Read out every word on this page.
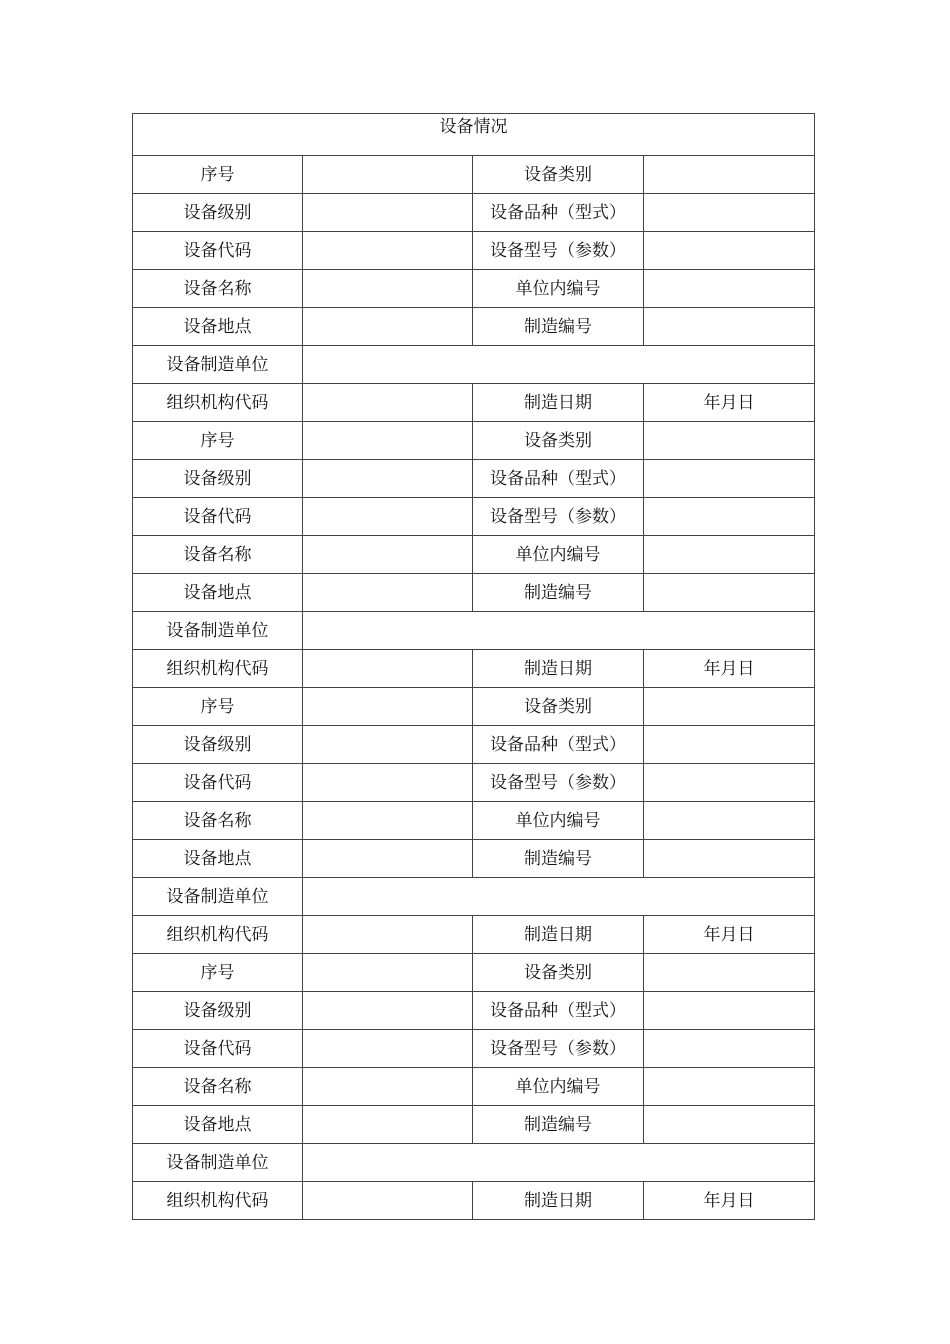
设备情况			
序号		设备类别	
设备级别		设备品种（型式）	
设备代码		设备型号（参数）	
设备名称		单位内编号	
设备地点		制造编号	
设备制造单位			
组织机构代码		制造日期	年月日
序号		设备类别	
设备级别		设备品种（型式）	
设备代码		设备型号（参数）	
设备名称		单位内编号	
设备地点		制造编号	
设备制造单位			
组织机构代码		制造日期	年月日
序号		设备类别	
设备级别		设备品种（型式）	
设备代码		设备型号（参数）	
设备名称		单位内编号	
设备地点		制造编号	
设备制造单位			
组织机构代码		制造日期	年月日
序号		设备类别	
设备级别		设备品种（型式）	
设备代码		设备型号（参数）	
设备名称		单位内编号	
设备地点		制造编号	
设备制造单位			
组织机构代码		制造日期	年月日
